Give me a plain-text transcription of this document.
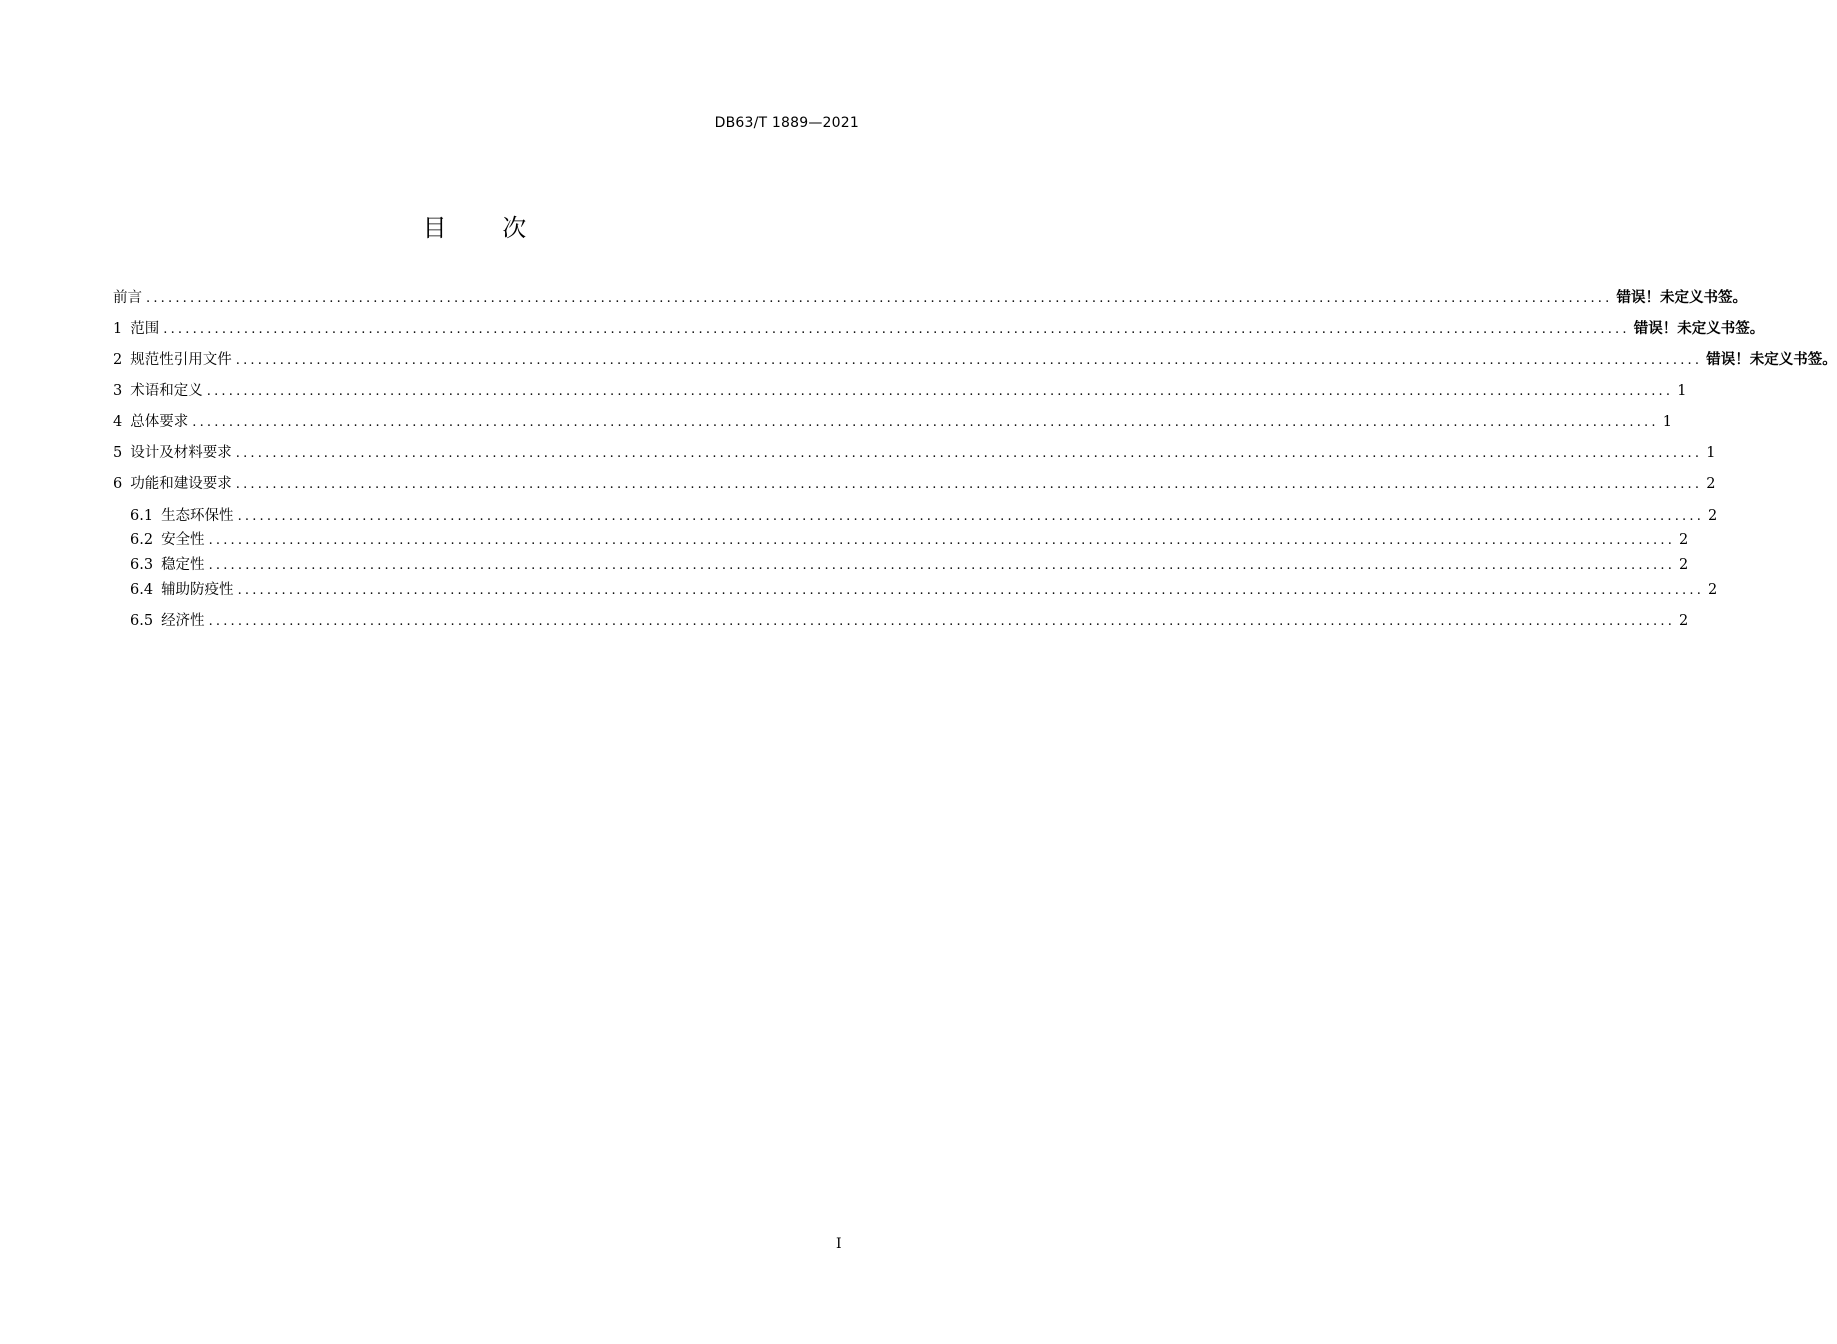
DB63/T 1889—2021
目 次
前言 ........................................................................................................................................................................................................ 错误！未定义书签。
1 范围 ........................................................................................................................................................................................................ 错误！未定义书签。
2 规范性引用文件 ........................................................................................................................................................................................................ 错误！未定义书签。
3 术语和定义 ........................................................................................................................................................................................................ 1
4 总体要求 ........................................................................................................................................................................................................ 1
5 设计及材料要求 ........................................................................................................................................................................................................ 1
6 功能和建设要求 ........................................................................................................................................................................................................ 2
6.1 生态环保性 ........................................................................................................................................................................................................ 2
6.2 安全性 ........................................................................................................................................................................................................ 2
6.3 稳定性 ........................................................................................................................................................................................................ 2
6.4 辅助防疫性 ........................................................................................................................................................................................................ 2
6.5 经济性 ........................................................................................................................................................................................................ 2
I
